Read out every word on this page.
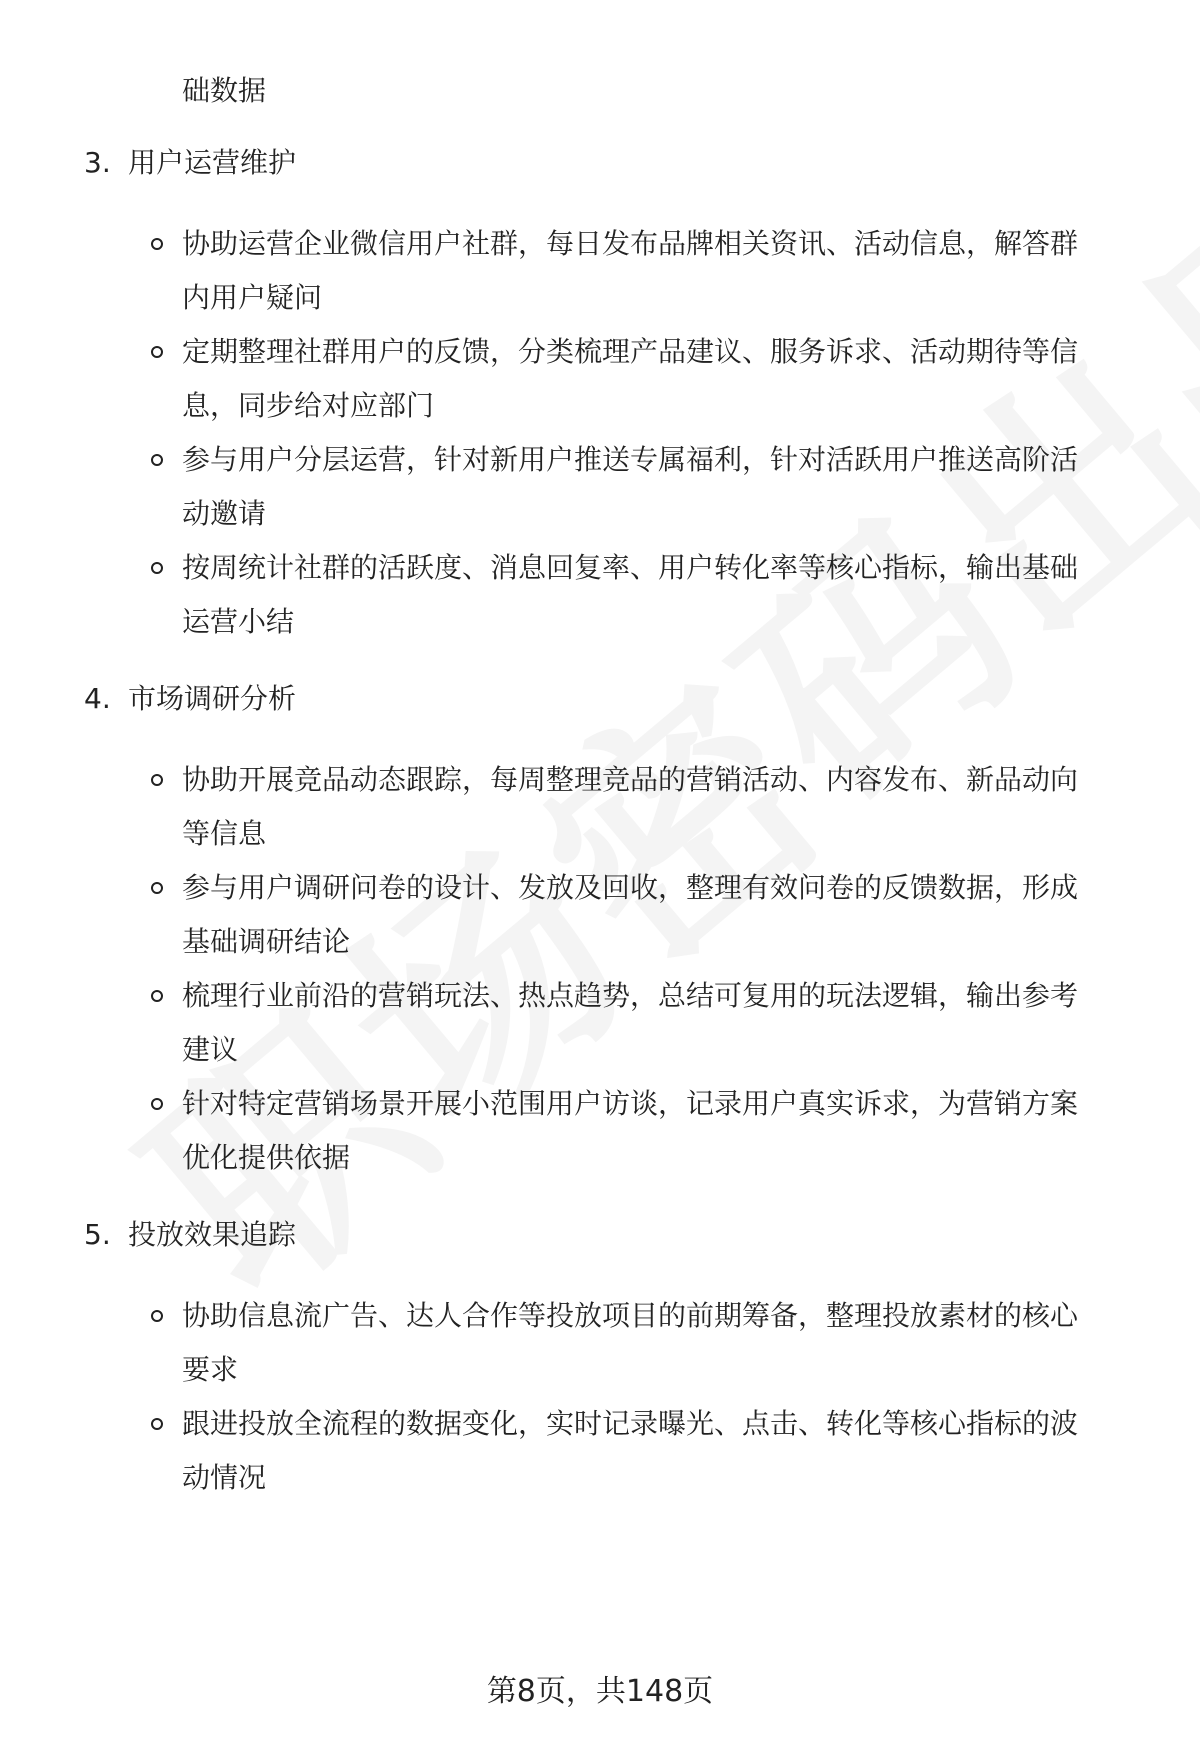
础数据
3. 用户运营维护
协助运营企业微信用户社群，每日发布品牌相关资讯、活动信息，解答群
内用户疑问
定期整理社群用户的反馈，分类梳理产品建议、服务诉求、活动期待等信
息，同步给对应部门
参与用户分层运营，针对新用户推送专属福利，针对活跃用户推送高阶活
动邀请
按周统计社群的活跃度、消息回复率、用户转化率等核心指标，输出基础
运营小结
4. 市场调研分析
协助开展竞品动态跟踪，每周整理竞品的营销活动、内容发布、新品动向
等信息
参与用户调研问卷的设计、发放及回收，整理有效问卷的反馈数据，形成
基础调研结论
梳理行业前沿的营销玩法、热点趋势，总结可复用的玩法逻辑，输出参考
建议
针对特定营销场景开展小范围用户访谈，记录用户真实诉求，为营销方案
优化提供依据
5. 投放效果追踪
协助信息流广告、达人合作等投放项目的前期筹备，整理投放素材的核心
要求
跟进投放全流程的数据变化，实时记录曝光、点击、转化等核心指标的波
动情况
第8页，共148页
